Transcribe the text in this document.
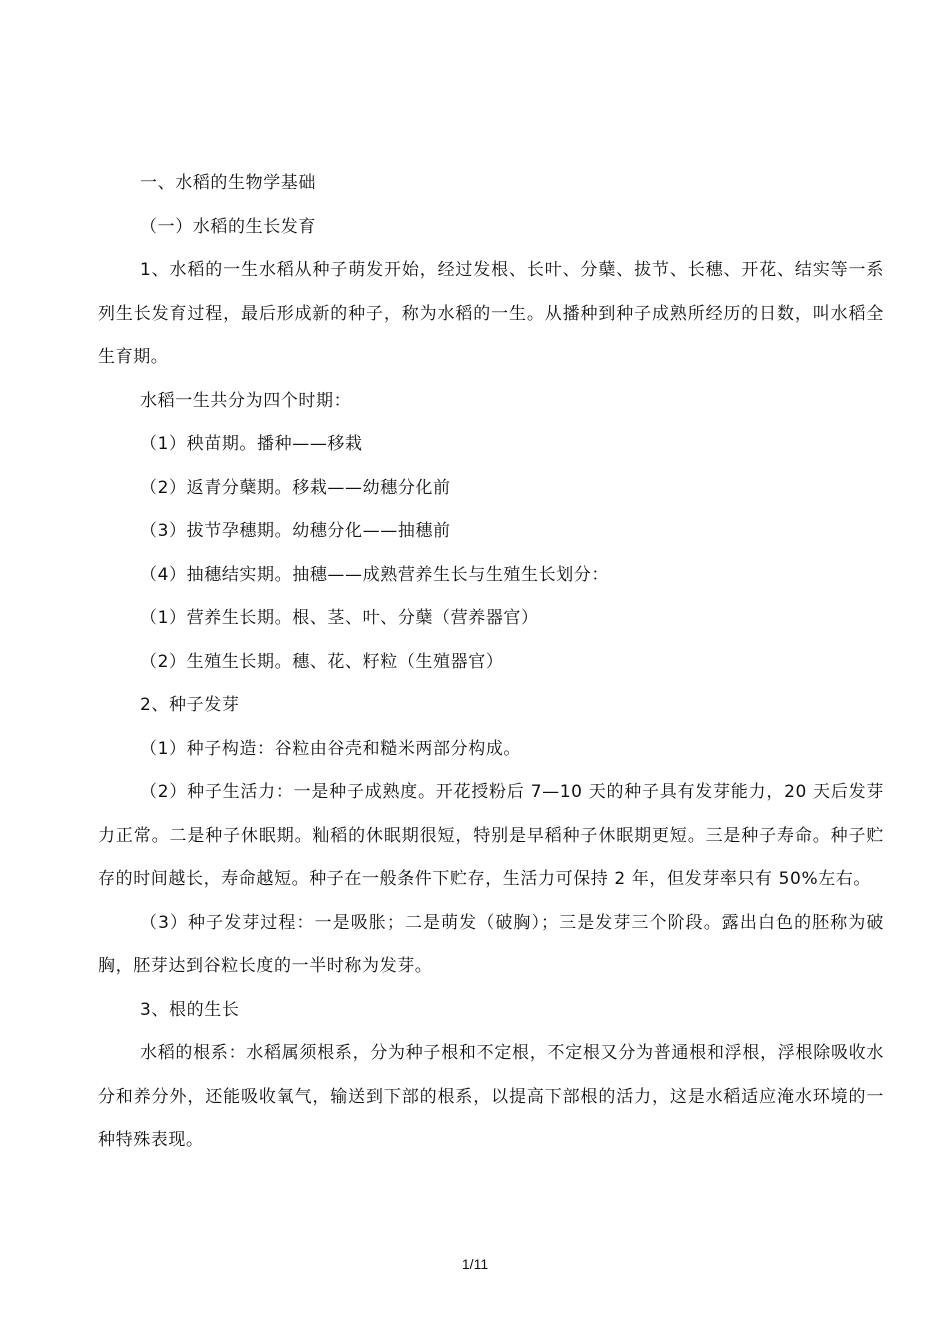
一、水稻的生物学基础

（一）水稻的生长发育

1、水稻的一生水稻从种子萌发开始，经过发根、长叶、分蘖、拔节、长穗、开花、结实等一系列生长发育过程，最后形成新的种子，称为水稻的一生。从播种到种子成熟所经历的日数，叫水稻全生育期。

水稻一生共分为四个时期：

（1）秧苗期。播种——移栽

（2）返青分蘖期。移栽——幼穗分化前

（3）拔节孕穗期。幼穗分化——抽穗前

（4）抽穗结实期。抽穗——成熟营养生长与生殖生长划分：

（1）营养生长期。根、茎、叶、分蘖（营养器官）

（2）生殖生长期。穗、花、籽粒（生殖器官）

2、种子发芽

（1）种子构造：谷粒由谷壳和糙米两部分构成。

（2）种子生活力：一是种子成熟度。开花授粉后 7—10 天的种子具有发芽能力，20 天后发芽力正常。二是种子休眠期。籼稻的休眠期很短，特别是早稻种子休眠期更短。三是种子寿命。种子贮存的时间越长，寿命越短。种子在一般条件下贮存，生活力可保持 2 年，但发芽率只有 50%左右。

（3）种子发芽过程：一是吸胀；二是萌发（破胸）；三是发芽三个阶段。露出白色的胚称为破胸，胚芽达到谷粒长度的一半时称为发芽。

3、根的生长

水稻的根系：水稻属须根系，分为种子根和不定根，不定根又分为普通根和浮根，浮根除吸收水分和养分外，还能吸收氧气，输送到下部的根系，以提高下部根的活力，这是水稻适应淹水环境的一种特殊表现。

1/11
